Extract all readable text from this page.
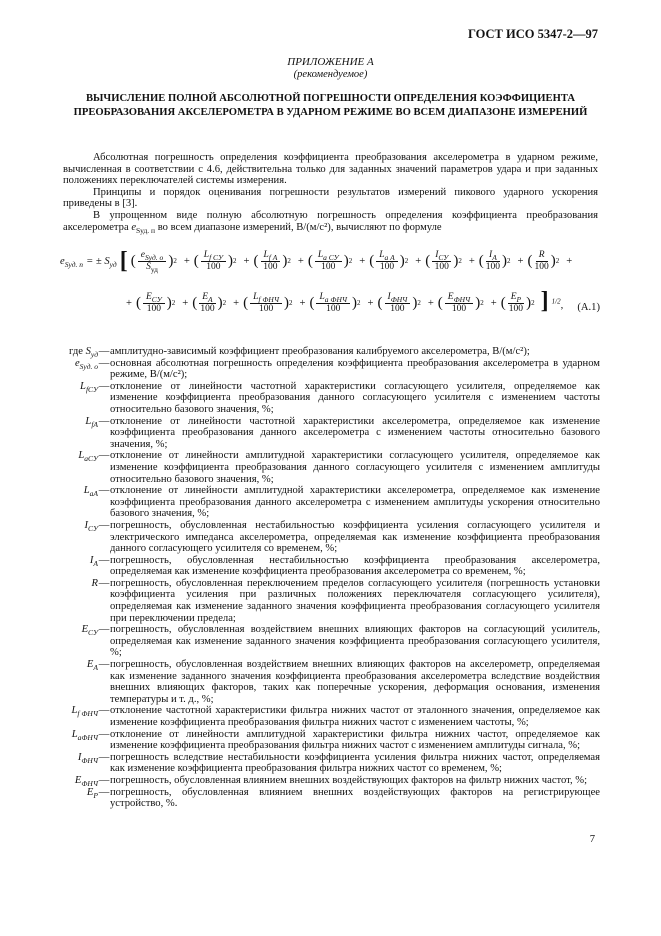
ГОСТ ИСО 5347-2—97
ПРИЛОЖЕНИЕ А
(рекомендуемое)
ВЫЧИСЛЕНИЕ ПОЛНОЙ АБСОЛЮТНОЙ ПОГРЕШНОСТИ ОПРЕДЕЛЕНИЯ КОЭФФИЦИЕНТА ПРЕОБРАЗОВАНИЯ АКСЕЛЕРОМЕТРА В УДАРНОМ РЕЖИМЕ ВО ВСЕМ ДИАПАЗОНЕ ИЗМЕРЕНИЙ

Абсолютная погрешность определения коэффициента преобразования акселерометра в ударном режиме, вычисленная в соответствии с 4.6, действительна только для заданных значений параметров удара и при заданных положениях переключателей системы измерения.

Принципы и порядок оценивания погрешности результатов измерений пикового ударного ускорения приведены в [3].

В упрощенном виде полную абсолютную погрешность определения коэффициента преобразования акселерометра $e_{Sуд. п}$ во всем диапазоне измерений, В/(м/с²), вычисляют по формуле

$e_{Sуд. п}$ = ± $S_{уд}$ [ ( $\frac{e_{Sуд. о}}{S_{уд}}$ ) 2 + ( $\frac{L_{f СУ}}{100}$ ) 2 + ( $\frac{L_{f А}}{100}$ ) 2 + ( $\frac{L_{a СУ}}{100}$ ) 2 + ( $\frac{L_{a А}}{100}$ ) 2 + ( $\frac{I_{СУ}}{100}$ ) 2 + ( $\frac{I_А}{100}$ ) 2 + ( $\frac{R}{100}$ ) 2 +
+ ( $\frac{E_{СУ}}{100}$ ) 2 + ( $\frac{E_А}{100}$ ) 2 + ( $\frac{L_{f ФНЧ}}{100}$ ) 2 + ( $\frac{L_{a ФНЧ}}{100}$ ) 2 + ( $\frac{I_{ФНЧ}}{100}$ ) 2 + ( $\frac{E_{ФНЧ}}{100}$ ) 2 + ( $\frac{E_Р}{100}$ ) 2 ] $^{1/2}$, (А.1)
где $S_{уд}$ — амплитудно-зависимый коэффициент преобразования калибруемого акселерометра, В/(м/с²);
$e_{Sуд. о}$ — основная абсолютная погрешность определения коэффициента преобразования акселерометра в ударном режиме, В/(м/с²);
$L_{fСУ}$ — отклонение от линейности частотной характеристики согласующего усилителя, определяемое как изменение коэффициента преобразования данного согласующего усилителя с изменением частоты относительно базового значения, %;
$L_{fА}$ — отклонение от линейности частотной характеристики акселерометра, определяемое как изменение коэффициента преобразования данного акселерометра с изменением частоты относительно базового значения, %;
$L_{aСУ}$ — отклонение от линейности амплитудной характеристики согласующего усилителя, определяемое как изменение коэффициента преобразования данного согласующего усилителя с изменением амплитуды относительно базового значения, %;
$L_{aА}$ — отклонение от линейности амплитудной характеристики акселерометра, определяемое как изменение коэффициента преобразования данного акселерометра с изменением амплитуды ускорения относительно базового значения, %;
$I_{СУ}$ — погрешность, обусловленная нестабильностью коэффициента усиления согласующего усилителя и электрического импеданса акселерометра, определяемая как изменение коэффициента преобразования данного согласующего усилителя со временем, %;
$I_А$ — погрешность, обусловленная нестабильностью коэффициента преобразования акселерометра, определяемая как изменение коэффициента преобразования акселерометра со временем, %;
R — погрешность, обусловленная переключением пределов согласующего усилителя (погрешность установки коэффициента усиления при различных положениях переключателя согласующего усилителя), определяемая как изменение заданного значения коэффициента преобразования согласующего усилителя при переключении предела;
$E_{СУ}$ — погрешность, обусловленная воздействием внешних влияющих факторов на согласующий усилитель, определяемая как изменение заданного значения коэффициента преобразования согласующего усилителя, %;
$E_А$ — погрешность, обусловленная воздействием внешних влияющих факторов на акселерометр, определяемая как изменение заданного значения коэффициента преобразования акселерометра вследствие воздействия внешних влияющих факторов, таких как поперечные ускорения, деформация основания, изменения температуры и т. д., %;
$L_{f ФНЧ}$ — отклонение частотной характеристики фильтра нижних частот от эталонного значения, определяемое как изменение коэффициента преобразования фильтра нижних частот с изменением частоты, %;
$L_{aФНЧ}$ — отклонение от линейности амплитудной характеристики фильтра нижних частот, определяемое как изменение коэффициента преобразования фильтра нижних частот с изменением амплитуды сигнала, %;
$I_{ФНЧ}$ — погрешность вследствие нестабильности коэффициента усиления фильтра нижних частот, определяемая как изменение коэффициента преобразования фильтра нижних частот со временем, %;
$E_{ФНЧ}$ — погрешность, обусловленная влиянием внешних воздействующих факторов на фильтр нижних частот, %;
$E_Р$ — погрешность, обусловленная влиянием внешних воздействующих факторов на регистрирующее устройство, %.
7
